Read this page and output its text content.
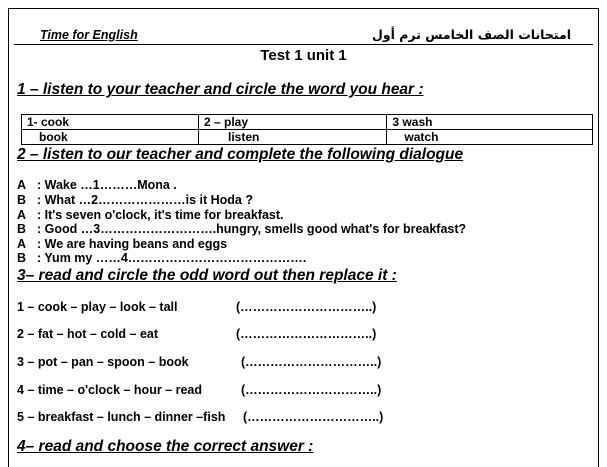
Time for English	امتحانات الصف الخامس ترم أول
Test 1 unit 1
1 – listen to your teacher and circle the word you hear :
1- cook	2 – play	3 wash

book	listen	watch
2 – listen to our teacher and complete the following dialogue
A : Wake …1………Mona .
B : What …2…………………is it Hoda ?
A : It's seven o'clock, it's time for breakfast.
B : Good …3……………………….hungry, smells good what's for breakfast?
A : We are having beans and eggs
B : Yum my ……4…………………………………….
3– read and circle the odd word out then replace it :
1 – cook – play – look – tall	(…………………………..)
2 – fat – hot – cold – eat	(…………………………..)
3 – pot – pan – spoon – book	(…………………………..)
4 – time – o'clock – hour – read	(…………………………..)
5 – breakfast – lunch – dinner –fish (…………………………..)
4– read and choose the correct answer :
